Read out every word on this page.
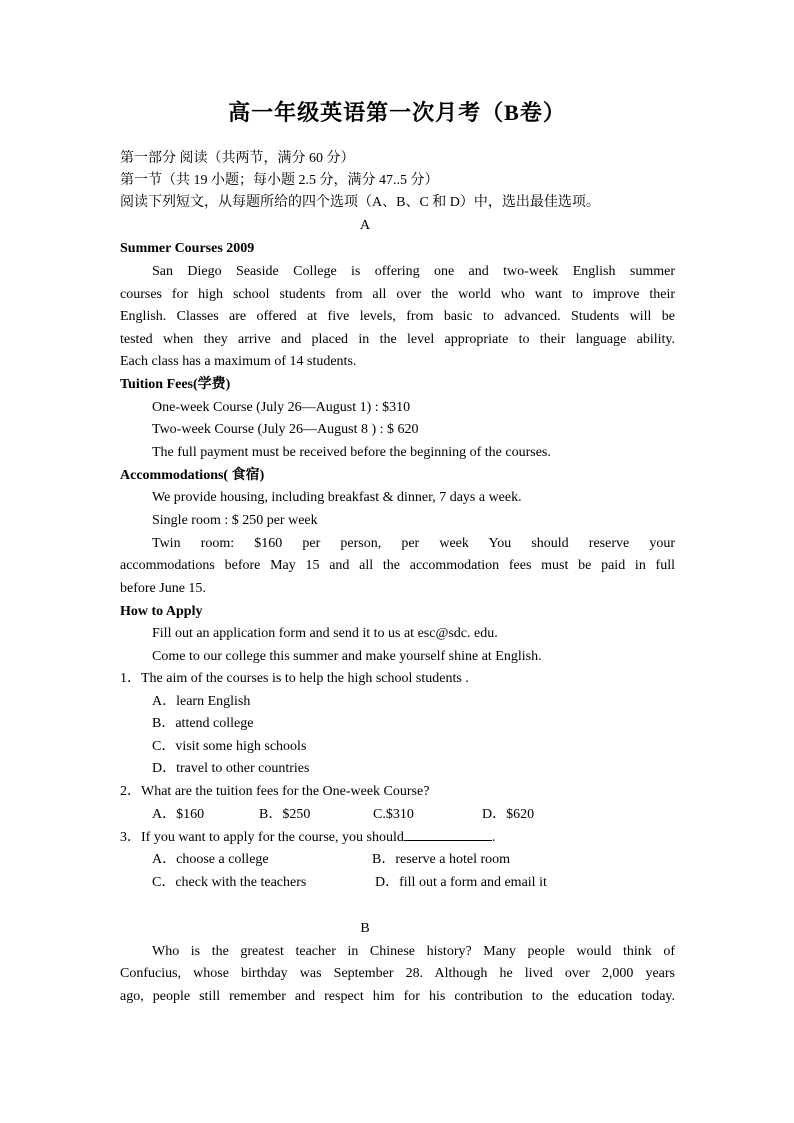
高一年级英语第一次月考（B卷）
第一部分 阅读（共两节，满分 60 分）
第一节（共 19 小题；每小题 2.5 分，满分 47..5 分）
阅读下列短文，从每题所给的四个选项（A、B、C 和 D）中，选出最佳选项。
A
Summer Courses 2009
San Diego Seaside College is offering one and two-week English summer
courses for high school students from all over the world who want to improve their
English. Classes are offered at five levels, from basic to advanced. Students will be
tested when they arrive and placed in the level appropriate to their language ability.
Each class has a maximum of 14 students.
Tuition Fees(学费)
One-week Course (July 26—August 1) : $310
Two-week Course (July 26—August 8 ) : $ 620
The full payment must be received before the beginning of the courses.
Accommodations( 食宿)
We provide housing, including breakfast & dinner, 7 days a week.
Single room : $ 250 per week
Twin room: $160 per person, per week You should reserve your
accommodations before May 15 and all the accommodation fees must be paid in full
before June 15.
How to Apply
Fill out an application form and send it to us at esc@sdc. edu.
Come to our college this summer and make yourself shine at English.
1．The aim of the courses is to help the high school students .
A．learn English
B．attend college
C．visit some high schools
D．travel to other countries
2．What are the tuition fees for the One-week Course?
A．$160	B．$250	C.$310	D．$620
3．If you want to apply for the course, you should	.
A．choose a college	B．reserve a hotel room
C．check with the teachers	D．fill out a form and email it
B
Who is the greatest teacher in Chinese history? Many people would think of
Confucius, whose birthday was September 28. Although he lived over 2,000 years
ago, people still remember and respect him for his contribution to the education today.
